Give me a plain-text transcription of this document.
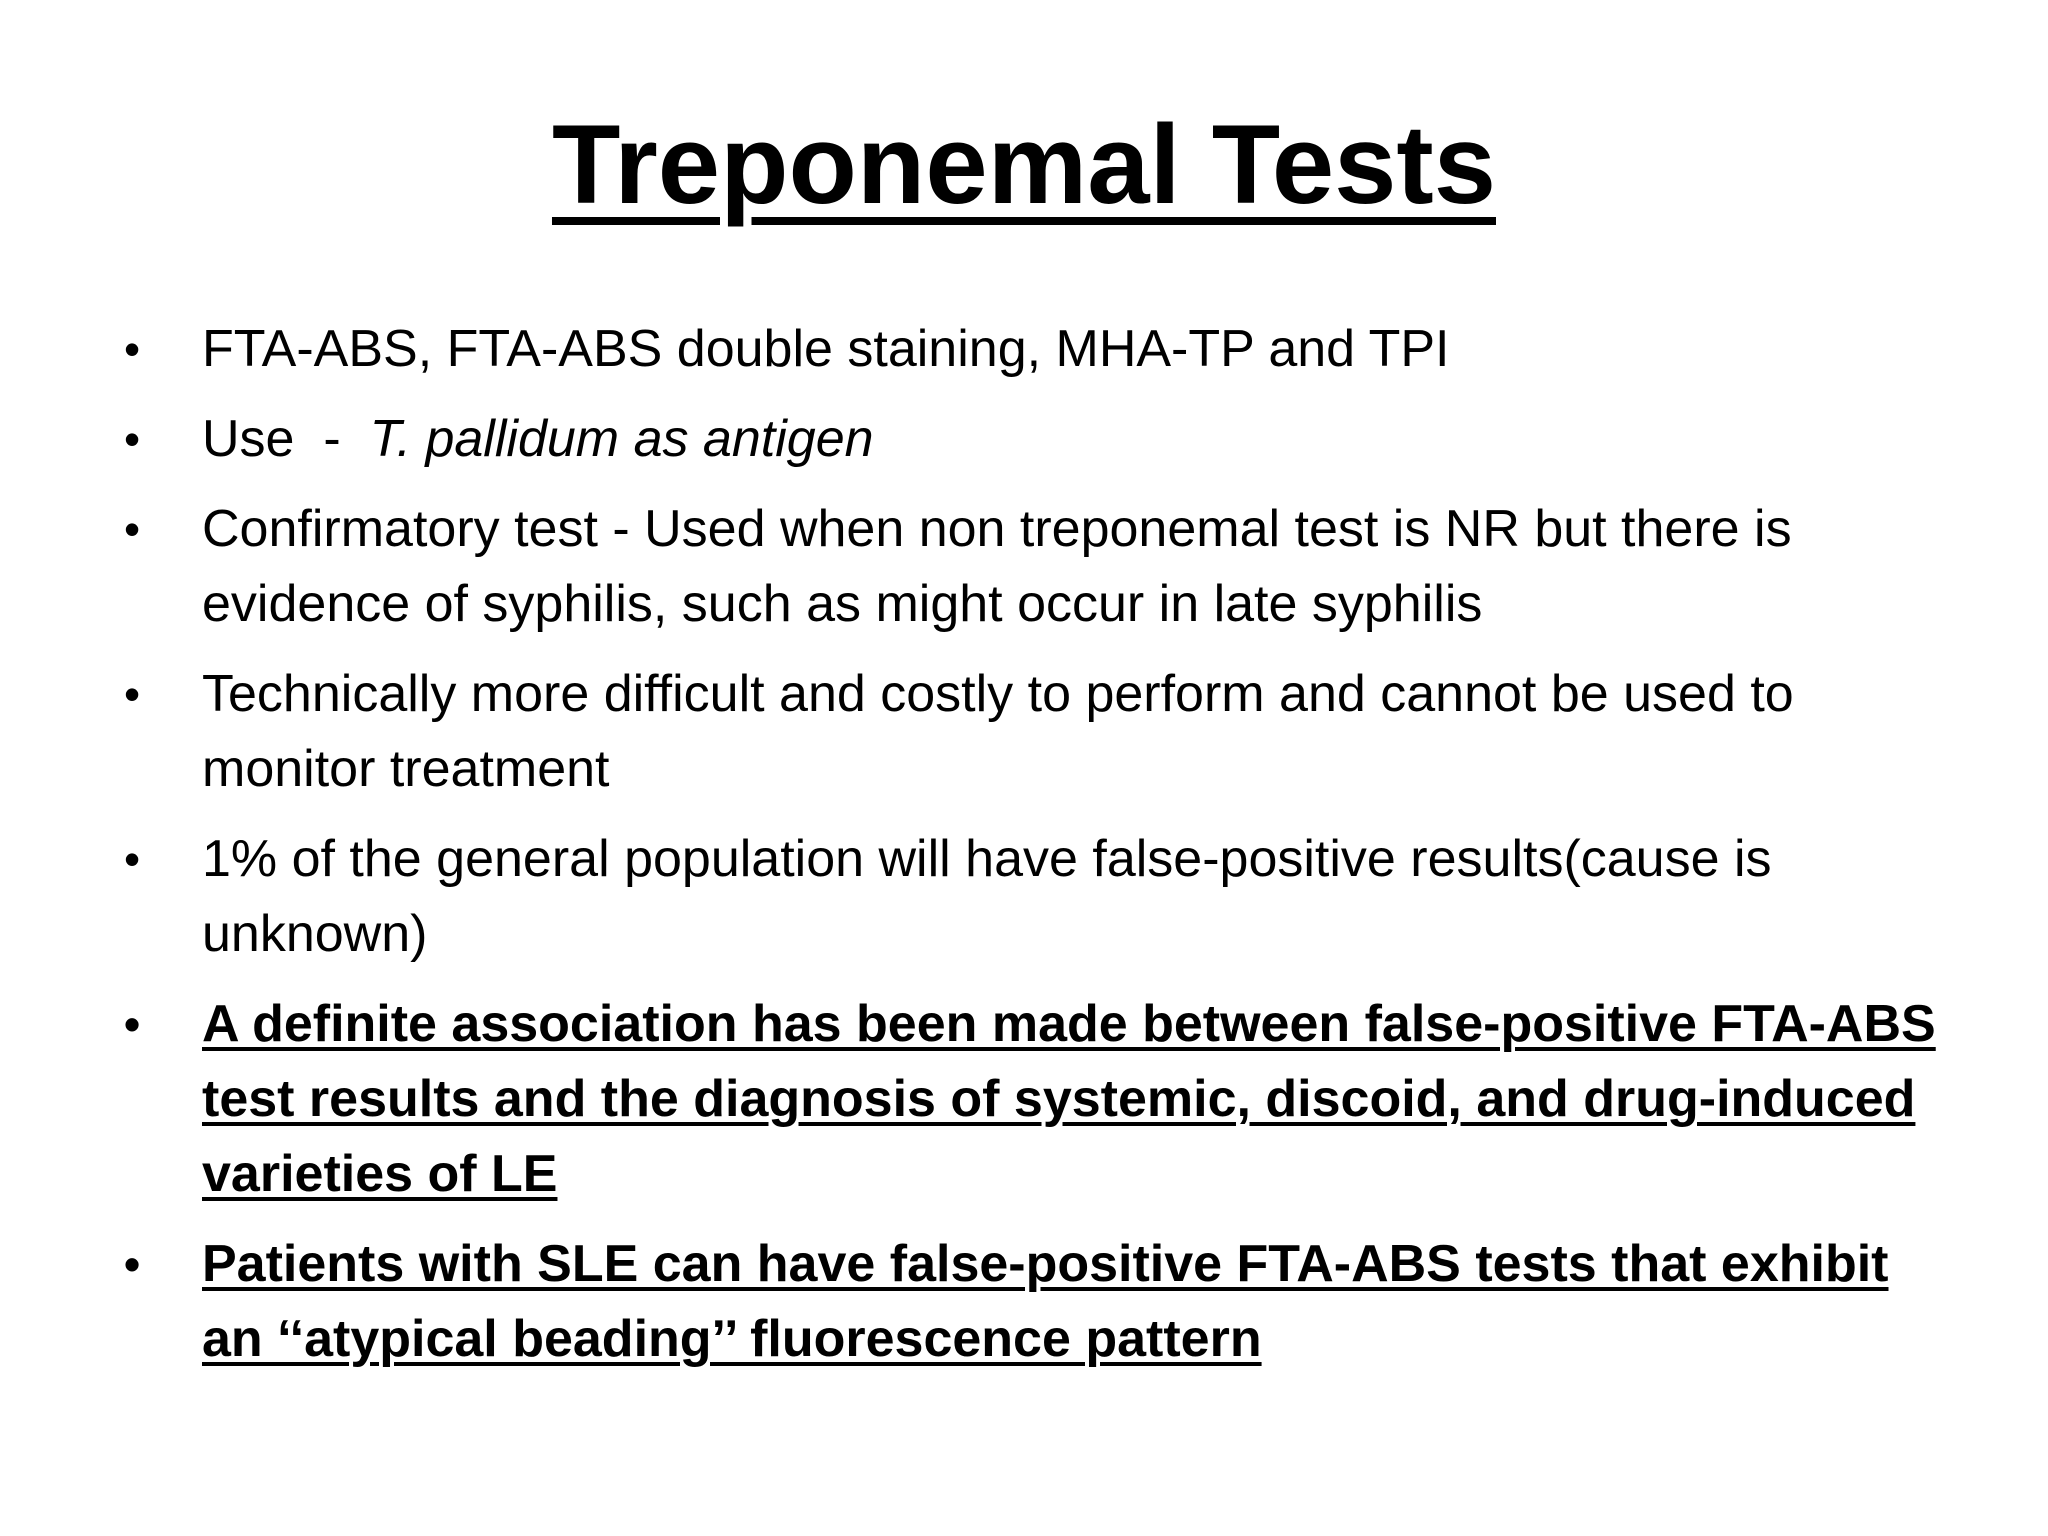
Treponemal Tests
• FTA-ABS, FTA-ABS double staining, MHA-TP and TPI
• Use  -  T. pallidum as antigen
• Confirmatory test - Used when non treponemal test is NR but there is evidence of syphilis, such as might occur in late syphilis
• Technically more difficult and costly to perform and cannot be used to monitor treatment
• 1% of the general population will have false-positive results(cause is unknown)
• A definite association has been made between false-positive FTA-ABS test results and the diagnosis of systemic, discoid, and drug-induced varieties of LE
• Patients with SLE can have false-positive FTA-ABS tests that exhibit an ‘‘atypical beading’’ fluorescence pattern
